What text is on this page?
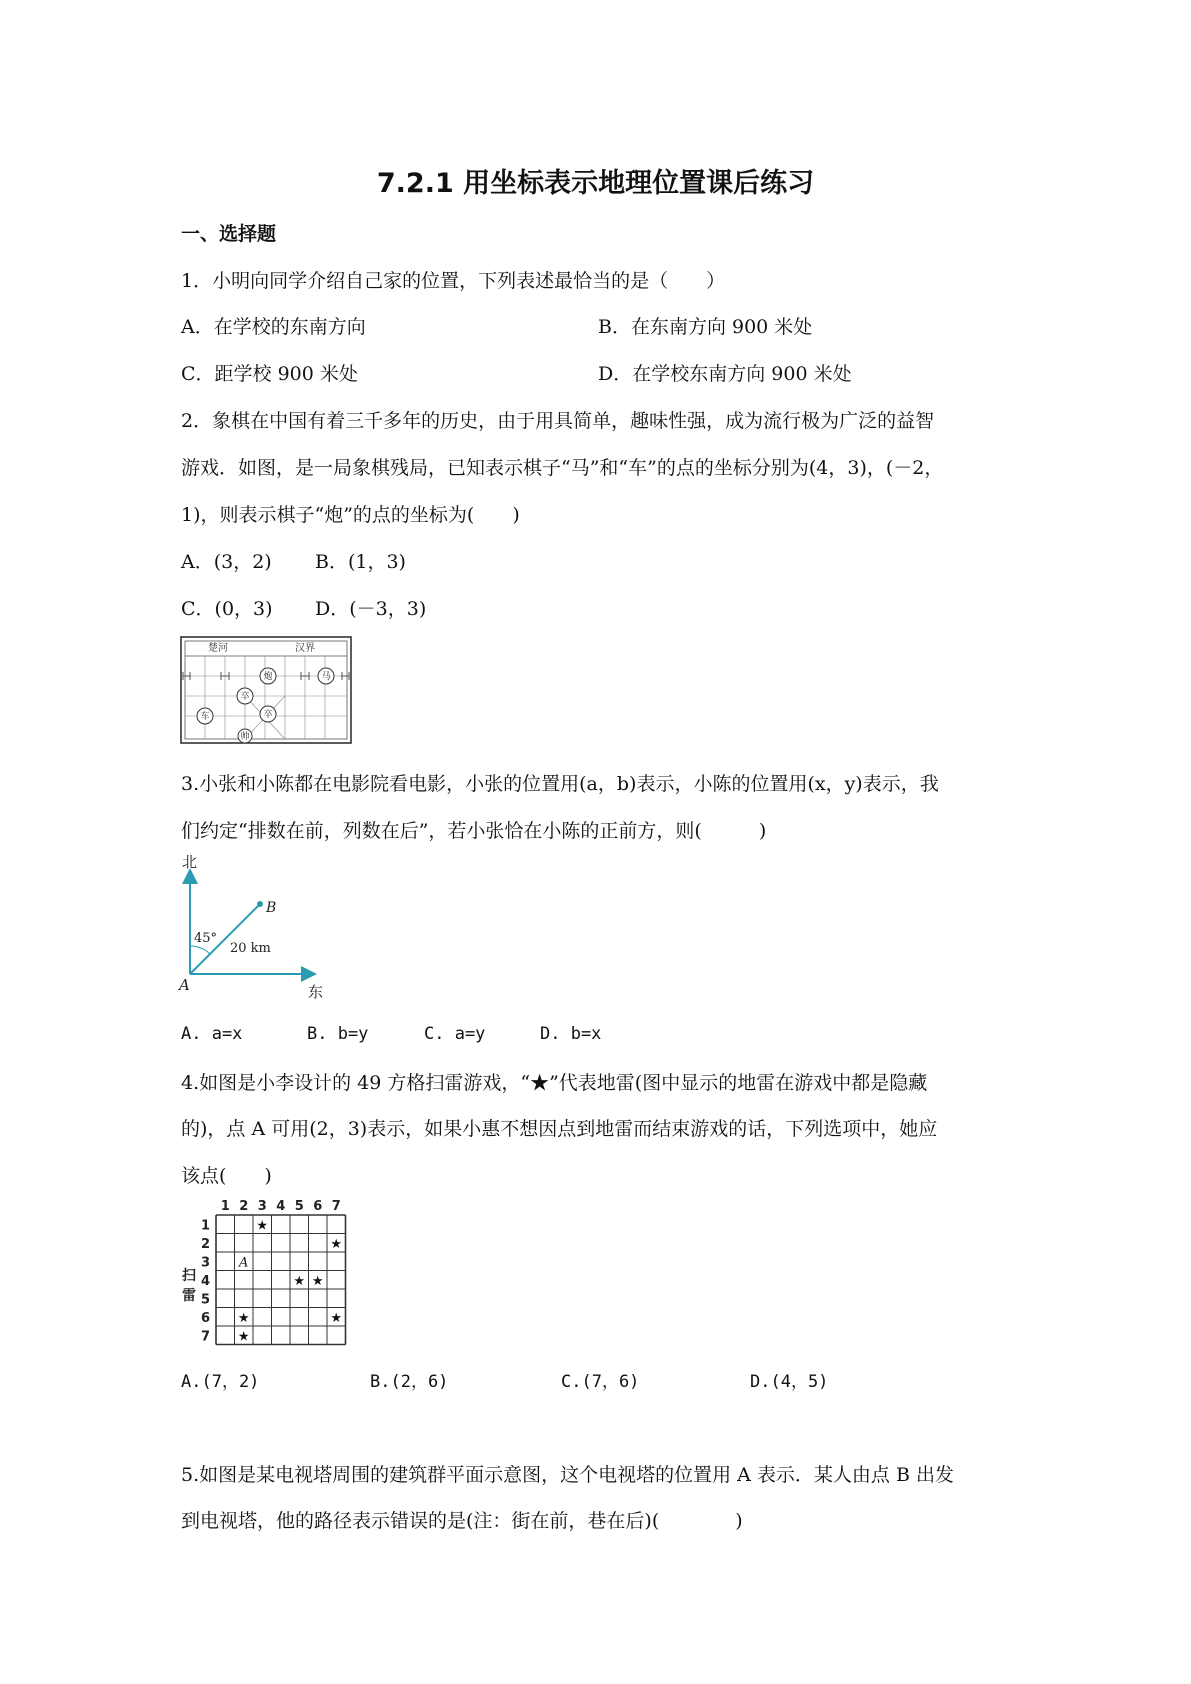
7.2.1 用坐标表示地理位置课后练习
一、选择题
1．小明向同学介绍自己家的位置，下列表述最恰当的是（　　）
A．在学校的东南方向	B．在东南方向 900 米处
C．距学校 900 米处	D．在学校东南方向 900 米处
2．象棋在中国有着三千多年的历史，由于用具简单，趣味性强，成为流行极为广泛的益智
游戏．如图，是一局象棋残局，已知表示棋子“马”和“车”的点的坐标分别为(4，3)，(－2，
1)，则表示棋子“炮”的点的坐标为(　　)
A．(3，2) B．(1，3)
C．(0，3) D．(－3，3)
楚河	汉界
炮	马
卒
车	卒
帅
3.小张和小陈都在电影院看电影，小张的位置用(a，b)表示，小陈的位置用(x，y)表示，我
们约定“排数在前，列数在后”，若小张恰在小陈的正前方，则(　　　)
北
东
A
B
45°
20 km
A. a=x	B. b=y	C. a=y	D. b=x
4.如图是小李设计的 49 方格扫雷游戏，“★”代表地雷(图中显示的地雷在游戏中都是隐藏
的)，点 A 可用(2，3)表示，如果小惠不想因点到地雷而结束游戏的话，下列选项中，她应
该点(　　)
1 2 3 4 5 6 7
1
2
3
4
5
6
7
★
★
★ ★
★	★
★
A
扫
雷
A.(7，2)	B.(2，6)	C.(7，6)	D.(4，5)
5.如图是某电视塔周围的建筑群平面示意图，这个电视塔的位置用 A 表示．某人由点 B 出发
到电视塔，他的路径表示错误的是(注：街在前，巷在后)(　　　　)
